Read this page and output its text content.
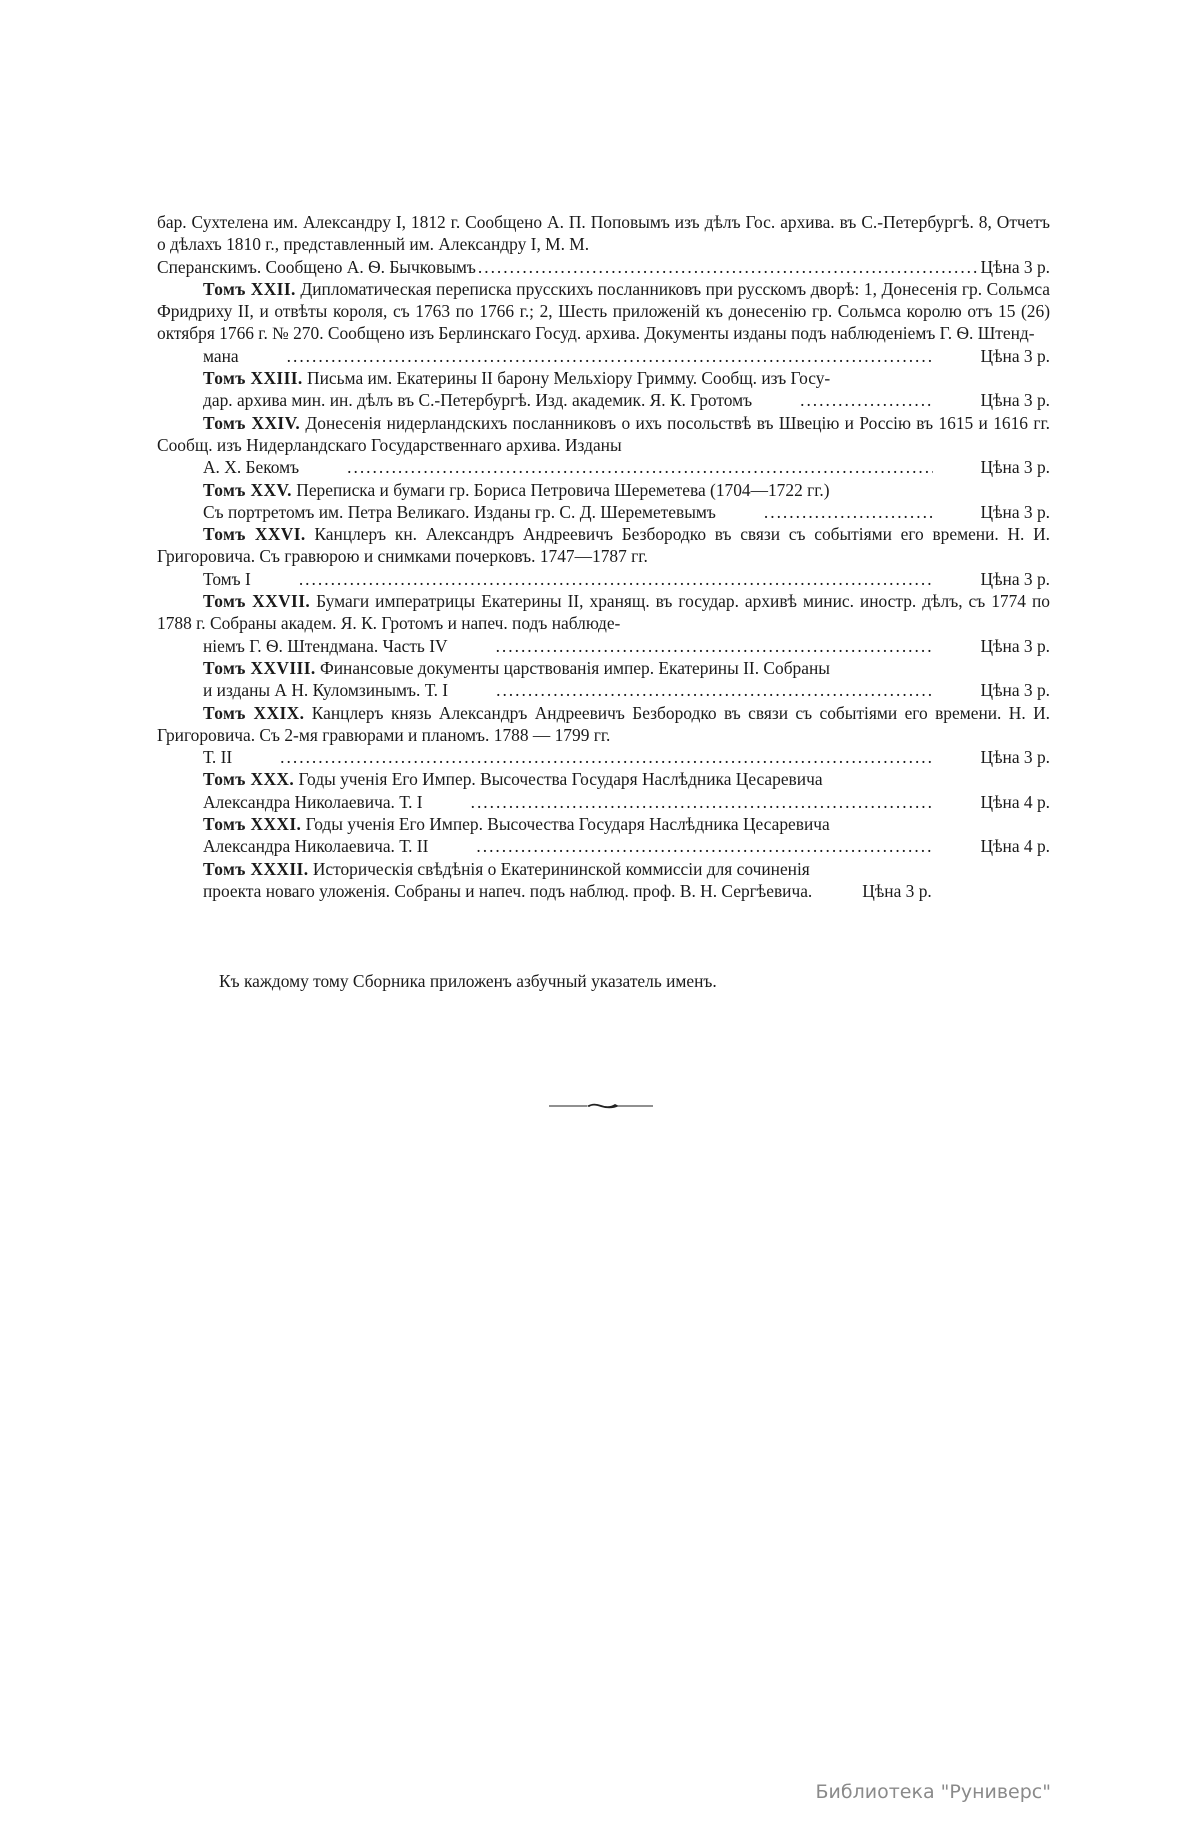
бар. Сухтелена им. Александру I, 1812 г. Сообщено А. П. Поповымъ изъ дѣлъ Гос. архива. въ С.-Петербургѣ. 8, Отчетъ о дѣлахъ 1810 г., представленный им. Александру I, М. М.
Сперанскимъ. Сообщено А. Ѳ. Бычковымъ .....	Цѣна 3 р.
Томъ XXII. Дипломатическая переписка прусскихъ посланниковъ при русскомъ дворѣ: 1, Донесенія гр. Сольмса Фридриху II, и отвѣты короля, съ 1763 по 1766 г.; 2, Шесть приложеній къ донесенію гр. Сольмса королю отъ 15 (26) октября 1766 г. № 270. Сообщено изъ Берлинскаго Госуд. архива. Документы изданы подъ наблюденіемъ Г. Ѳ. Штенд-
мана .....	Цѣна 3 р.
Томъ XXIII. Письма им. Екатерины II барону Мельхіору Гримму. Сообщ. изъ Госу-
дар. архива мин. ин. дѣлъ въ С.-Петербургѣ. Изд. академик. Я. К. Гротомъ .....	Цѣна 3 р.
Томъ XXIV. Донесенія нидерландскихъ посланниковъ о ихъ посольствѣ въ Швецію и Россію въ 1615 и 1616 гг. Сообщ. изъ Нидерландскаго Государственнаго архива. Изданы
А. Х. Бекомъ .....	Цѣна 3 р.
Томъ XXV. Переписка и бумаги гр. Бориса Петровича Шереметева (1704—1722 гг.)
Съ портретомъ им. Петра Великаго. Изданы гр. С. Д. Шереметевымъ .....	Цѣна 3 р.
Томъ XXVI. Канцлеръ кн. Александръ Андреевичъ Безбородко въ связи съ событіями его времени. Н. И. Григоровича. Съ гравюрою и снимками почерковъ. 1747—1787 гг.
Томъ I .....	Цѣна 3 р.
Томъ XXVII. Бумаги императрицы Екатерины II, хранящ. въ государ. архивѣ минис. иностр. дѣлъ, съ 1774 по 1788 г. Собраны академ. Я. К. Гротомъ и напеч. подъ наблюде-
ніемъ Г. Ѳ. Штендмана. Часть IV .....	Цѣна 3 р.
Томъ XXVIII. Финансовые документы царствованія импер. Екатерины II. Собраны
и изданы А Н. Куломзинымъ. Т. I .....	Цѣна 3 р.
Томъ XXIX. Канцлеръ князь Александръ Андреевичъ Безбородко въ связи съ событіями его времени. Н. И. Григоровича. Съ 2-мя гравюрами и планомъ. 1788 — 1799 гг.
Т. II .....	Цѣна 3 р.
Томъ XXX. Годы ученія Его Импер. Высочества Государя Наслѣдника Цесаревича
Александра Николаевича. Т. I .....	Цѣна 4 р.
Томъ XXXI. Годы ученія Его Импер. Высочества Государя Наслѣдника Цесаревича
Александра Николаевича. Т. II .....	Цѣна 4 р.
Томъ XXXII. Историческія свѣдѣнія о Екатерининской коммиссіи для сочиненія
проекта новаго уложенія. Собраны и напеч. подъ наблюд. проф. В. Н. Сергѣевича.	Цѣна 3 р.

Къ каждому тому Сборника приложенъ азбучный указатель именъ.

Библиотека "Руниверс"
